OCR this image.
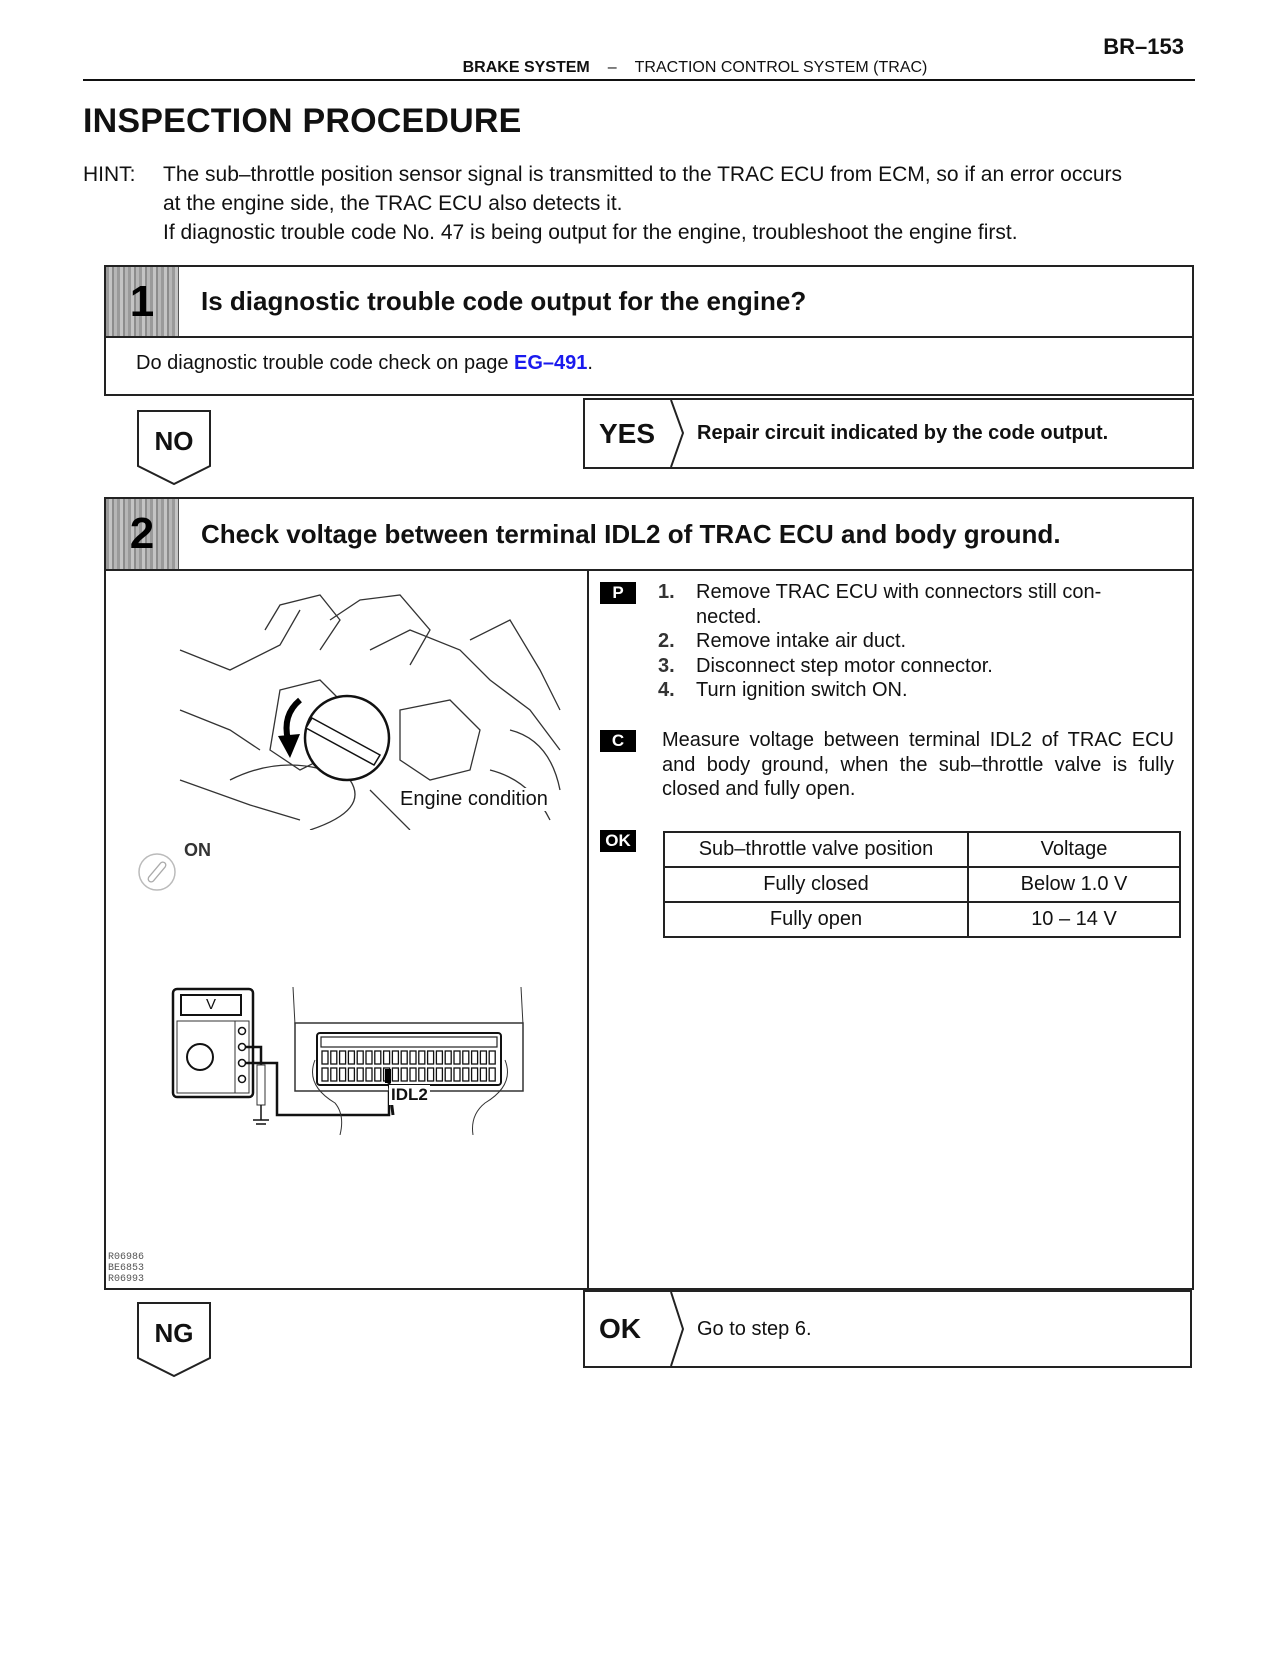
BR–153
BRAKE SYSTEM – TRACTION CONTROL SYSTEM (TRAC)
INSPECTION PROCEDURE
HINT: The sub–throttle position sensor signal is transmitted to the TRAC ECU from ECM, so if an error occurs
at the engine side, the TRAC ECU also detects it.
If diagnostic trouble code No. 47 is being output for the engine, troubleshoot the engine first.
1	Is diagnostic trouble code output for the engine?
Do diagnostic trouble code check on page EG–491.
NO	YES	Repair circuit indicated by the code output.
2	Check voltage between terminal IDL2 of TRAC ECU and body ground.
Engine condition
ON
V
IDL2
R06986
BE6853
R06993
P	1.	Remove TRAC ECU with connectors still con-
nected.
2.	Remove intake air duct.
3.	Disconnect step motor connector.
4.	Turn ignition switch ON.
C	Measure voltage between terminal IDL2 of TRAC ECU and body ground, when the sub–throttle valve is fully closed and fully open.
OK	Sub–throttle valve position	Voltage
Fully closed	Below 1.0 V
Fully open	10 – 14 V
NG	OK	Go to step 6.
